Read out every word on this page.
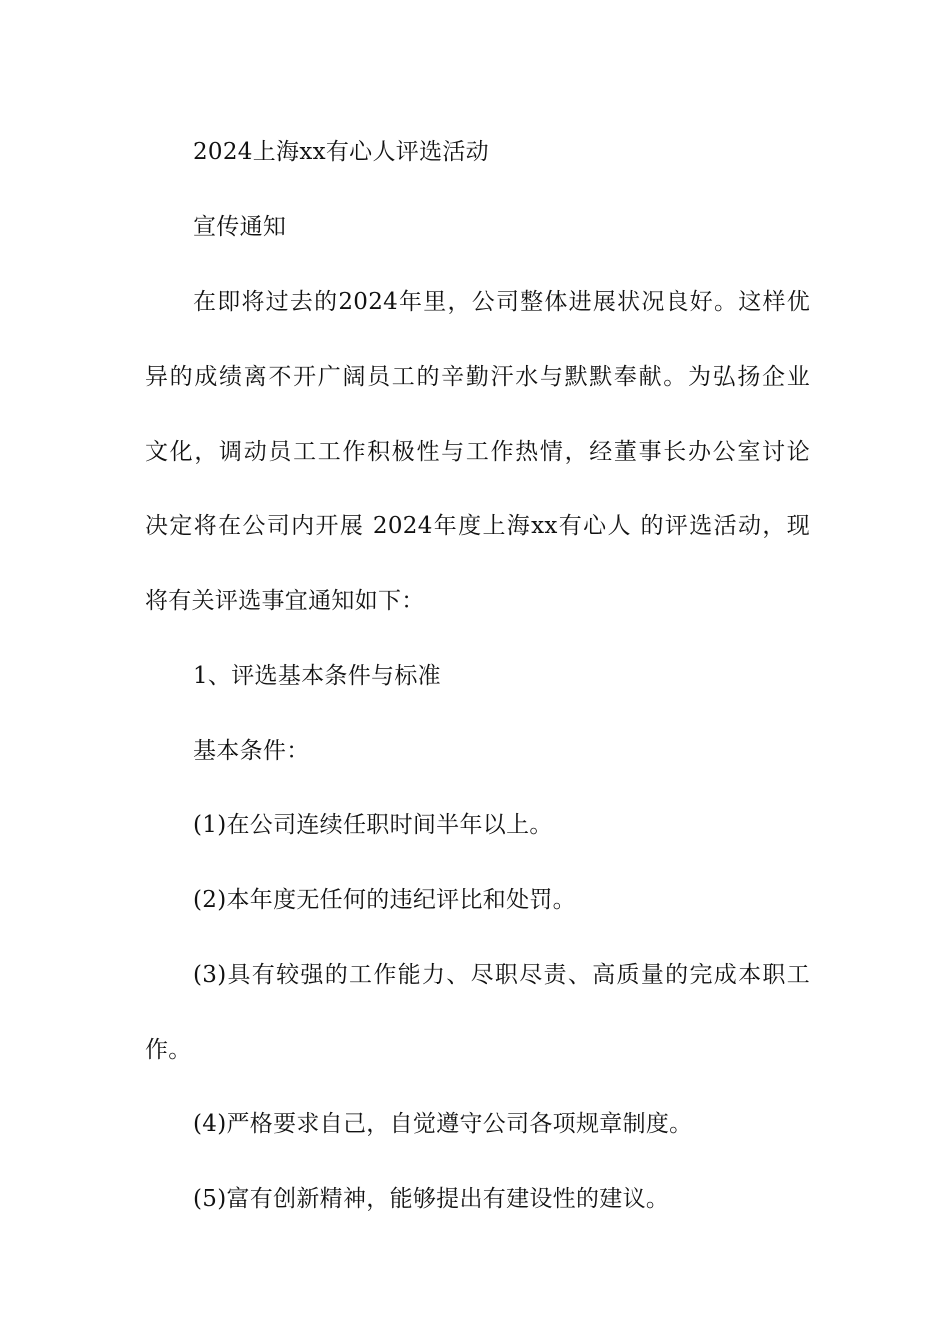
2024上海xx有心人评选活动
宣传通知
在即将过去的2024年里，公司整体进展状况良好。这样优
异的成绩离不开广阔员工的辛勤汗水与默默奉献。为弘扬企业
文化，调动员工工作积极性与工作热情，经董事长办公室讨论
决定将在公司内开展 2024年度上海xx有心人 的评选活动，现
将有关评选事宜通知如下：
1、评选基本条件与标准
基本条件：
(1)在公司连续任职时间半年以上。
(2)本年度无任何的违纪评比和处罚。
(3)具有较强的工作能力、尽职尽责、高质量的完成本职工
作。
(4)严格要求自己，自觉遵守公司各项规章制度。
(5)富有创新精神，能够提出有建设性的建议。
